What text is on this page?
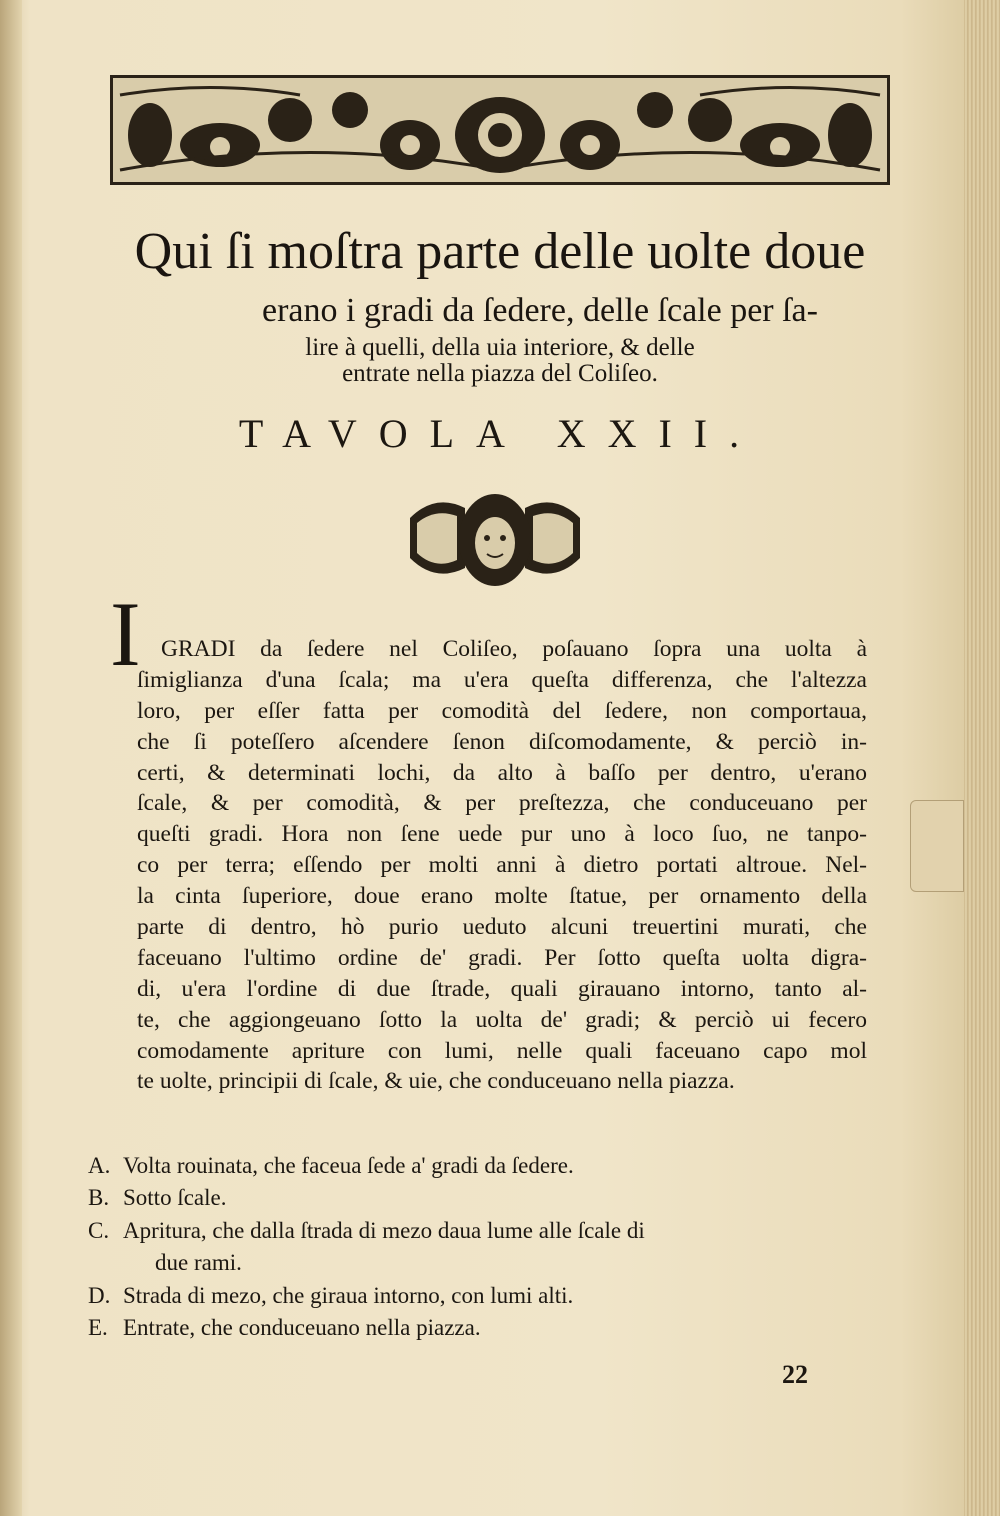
Qui ſi moſtra parte delle uolte doue
erano i gradi da ſedere, delle ſcale per ſa-
lire à quelli, della uia interiore, & delle
entrate nella piazza del Coliſeo.
TAVOLA XXII.
I GRADI da ſedere nel Coliſeo, poſauano ſopra una uolta à
ſimiglianza d'una ſcala; ma u'era queſta differenza, che l'altezza
loro, per eſſer fatta per comodità del ſedere, non comportaua,
che ſi poteſſero aſcendere ſenon diſcomodamente, & perciò in-
certi, & determinati lochi, da alto à baſſo per dentro, u'erano
ſcale, & per comodità, & per preſtezza, che conduceuano per
queſti gradi. Hora non ſene uede pur uno à loco ſuo, ne tanpo-
co per terra; eſſendo per molti anni à dietro portati altroue. Nel-
la cinta ſuperiore, doue erano molte ſtatue, per ornamento della
parte di dentro, hò purio ueduto alcuni treuertini murati, che
faceuano l'ultimo ordine de' gradi. Per ſotto queſta uolta digra-
di, u'era l'ordine di due ſtrade, quali girauano intorno, tanto al-
te, che aggiongeuano ſotto la uolta de' gradi; & perciò ui fecero
comodamente apriture con lumi, nelle quali faceuano capo mol
te uolte, principii di ſcale, & uie, che conduceuano nella piazza.
A. Volta rouinata, che faceua ſede a' gradi da ſedere.
B. Sotto ſcale.
C. Apritura, che dalla ſtrada di mezo daua lume alle ſcale di
due rami.
D. Strada di mezo, che giraua intorno, con lumi alti.
E. Entrate, che conduceuano nella piazza.
22
